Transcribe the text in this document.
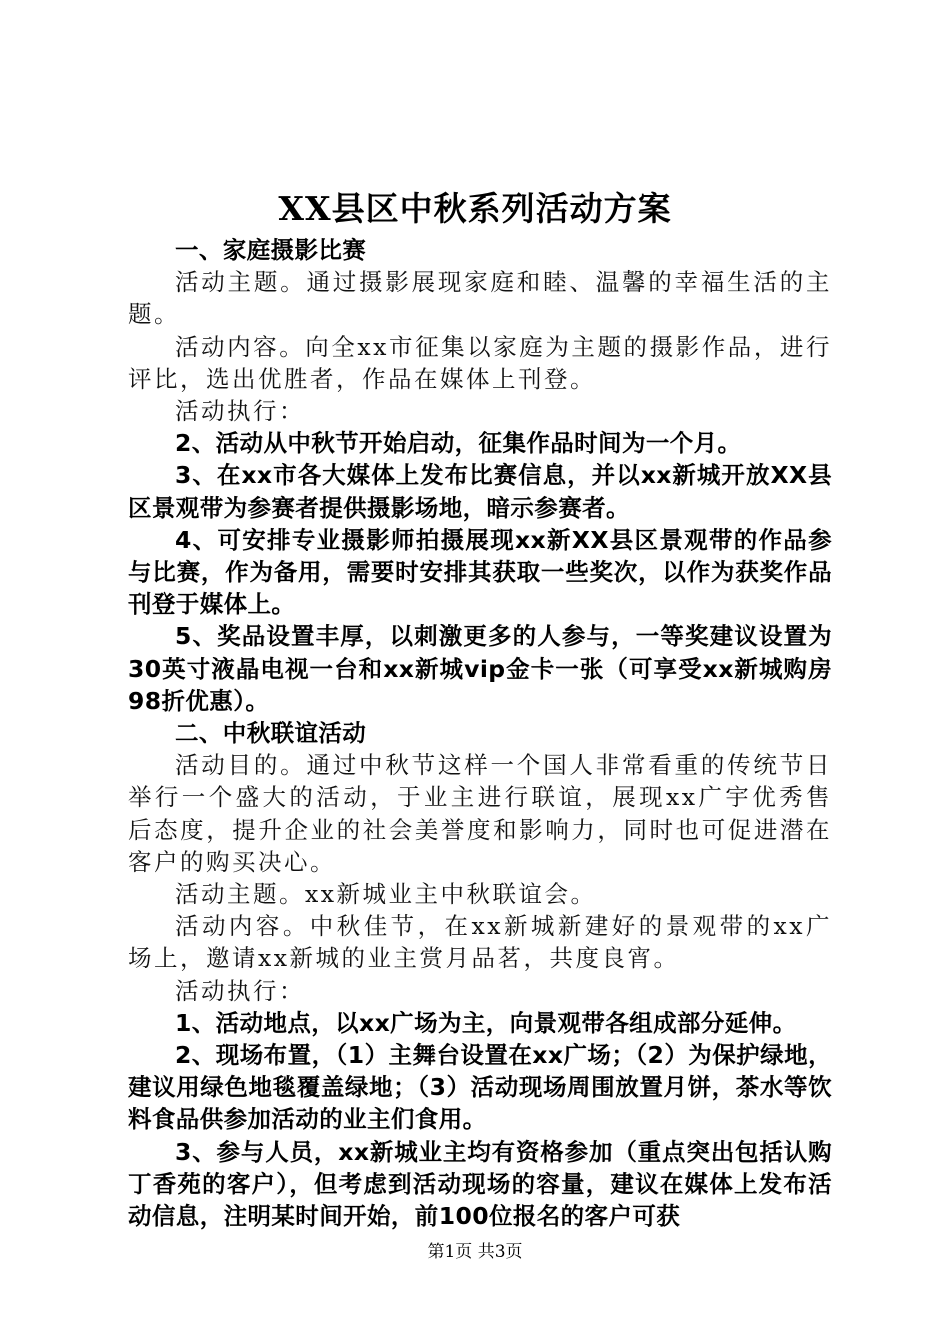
XX县区中秋系列活动方案

一、家庭摄影比赛

活动主题。通过摄影展现家庭和睦、温馨的幸福生活的主题。

活动内容。向全xx市征集以家庭为主题的摄影作品，进行评比，选出优胜者，作品在媒体上刊登。

活动执行：

2、活动从中秋节开始启动，征集作品时间为一个月。

3、在xx市各大媒体上发布比赛信息，并以xx新城开放XX县区景观带为参赛者提供摄影场地，暗示参赛者。

4、可安排专业摄影师拍摄展现xx新XX县区景观带的作品参与比赛，作为备用，需要时安排其获取一些奖次，以作为获奖作品刊登于媒体上。

5、奖品设置丰厚，以刺激更多的人参与，一等奖建议设置为30英寸液晶电视一台和xx新城vip金卡一张（可享受xx新城购房98折优惠）。

二、中秋联谊活动

活动目的。通过中秋节这样一个国人非常看重的传统节日举行一个盛大的活动，于业主进行联谊，展现xx广宇优秀售后态度，提升企业的社会美誉度和影响力，同时也可促进潜在客户的购买决心。

活动主题。xx新城业主中秋联谊会。

活动内容。中秋佳节，在xx新城新建好的景观带的xx广场上，邀请xx新城的业主赏月品茗，共度良宵。

活动执行：

1、活动地点，以xx广场为主，向景观带各组成部分延伸。

2、现场布置，（1）主舞台设置在xx广场；（2）为保护绿地，建议用绿色地毯覆盖绿地；（3）活动现场周围放置月饼，茶水等饮料食品供参加活动的业主们食用。

3、参与人员，xx新城业主均有资格参加（重点突出包括认购丁香苑的客户），但考虑到活动现场的容量，建议在媒体上发布活动信息，注明某时间开始，前100位报名的客户可获

第1页 共3页
